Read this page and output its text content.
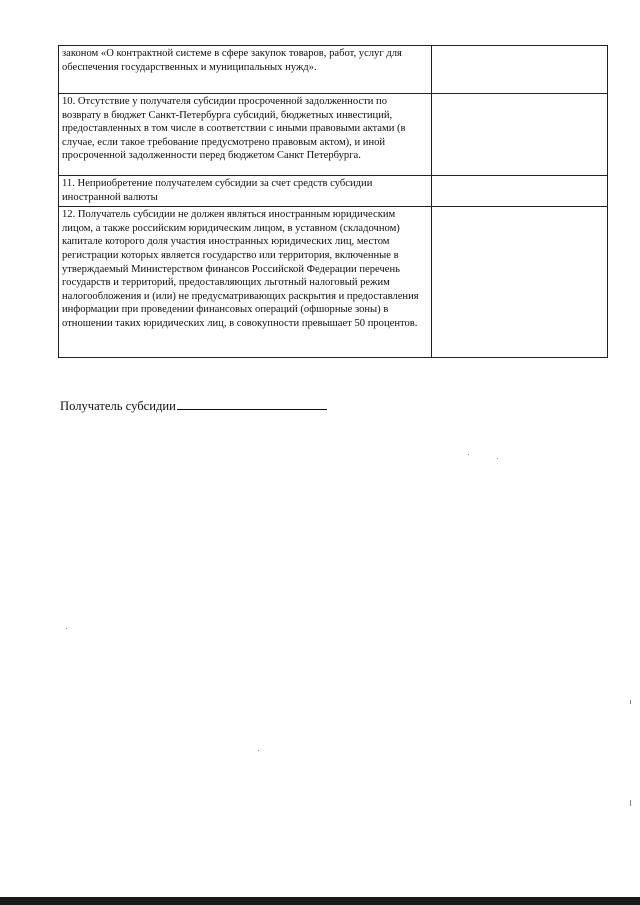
законом «О контрактной системе в сфере закупок товаров, работ, услуг для обеспечения государственных и муниципальных нужд».	
10. Отсутствие у получателя субсидии просроченной задолженности по возврату в бюджет Санкт-Петербурга субсидий, бюджетных инвестиций, предоставленных в том числе в соответствии с иными правовыми актами (в случае, если такое требование предусмотрено правовым актом), и иной просроченной задолженности перед бюджетом Санкт Петербурга.	
11. Неприобретение получателем субсидии за счет средств субсидии иностранной валюты	
12. Получатель субсидии не должен являться иностранным юридическим лицом, а также российским юридическим лицом, в уставном (складочном) капитале которого доля участия иностранных юридических лиц, местом регистрации которых является государство или территория, включенные в утверждаемый Министерством финансов Российской Федерации перечень государств и территорий, предоставляющих льготный налоговый режим налогообложения и (или) не предусматривающих раскрытия и предоставления информации при проведении финансовых операций (офшорные зоны) в отношении таких юридических лиц, в совокупности превышает 50 процентов.	
Получатель субсидии
